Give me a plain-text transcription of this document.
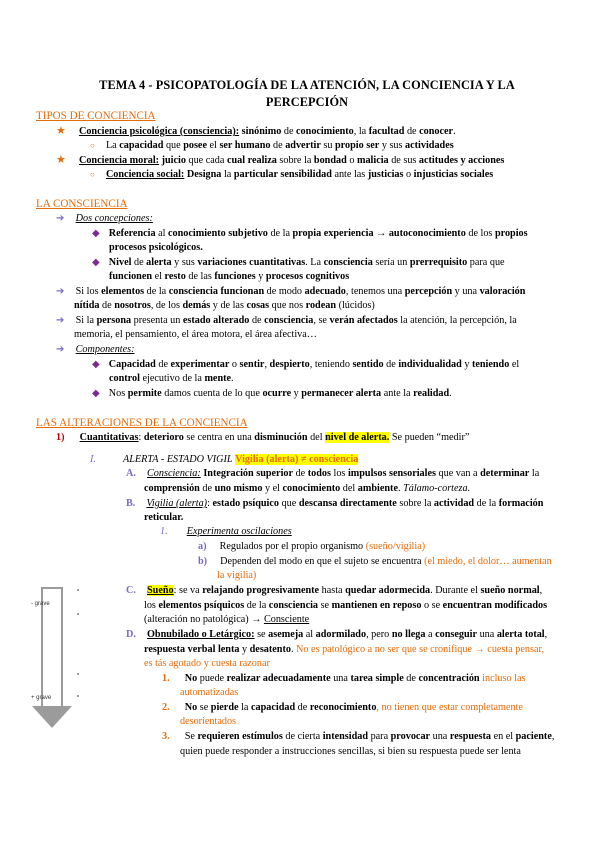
TEMA 4 - PSICOPATOLOGÍA DE LA ATENCIÓN, LA CONCIENCIA Y LA
PERCEPCIÓN
TIPOS DE CONCIENCIA
★ Conciencia psicológica (consciencia): sinónimo de conocimiento, la facultad de conocer.
○ La capacidad que posee el ser humano de advertir su propio ser y sus actividades
★ Conciencia moral: juicio que cada cual realiza sobre la bondad o malicia de sus actitudes y acciones
○ Conciencia social: Designa la particular sensibilidad ante las justicias o injusticias sociales
LA CONSCIENCIA
➔ Dos concepciones:
◆ Referencia al conocimiento subjetivo de la propia experiencia → autoconocimiento de los propios
procesos psicológicos.
◆ Nivel de alerta y sus variaciones cuantitativas. La consciencia sería un prerrequisito para que
funcionen el resto de las funciones y procesos cognitivos
➔ Si los elementos de la consciencia funcionan de modo adecuado, tenemos una percepción y una valoración
nítida de nosotros, de los demás y de las cosas que nos rodean (lúcidos)
➔ Si la persona presenta un estado alterado de consciencia, se verán afectados la atención, la percepción, la
memoria, el pensamiento, el área motora, el área afectiva…
➔ Componentes:
◆ Capacidad de experimentar o sentir, despierto, teniendo sentido de individualidad y teniendo el
control ejecutivo de la mente.
◆ Nos permite damos cuenta de lo que ocurre y permanecer alerta ante la realidad.
LAS ALTERACIONES DE LA CONCIENCIA
1) Cuantitativas: deterioro se centra en una disminución del nivel de alerta. Se pueden “medir”
I.	ALERTA - ESTADO VIGIL Vigilia (alerta) ≠ consciencia
A. Consciencia: Integración superior de todos los impulsos sensoriales que van a determinar la
comprensión de uno mismo y el conocimiento del ambiente. Tálamo-corteza.
B. Vigilia (alerta): estado psíquico que descansa directamente sobre la actividad de la formación
reticular.
1. Experimenta oscilaciones
a) Regulados por el propio organismo (sueño/vigilia)
b) Dependen del modo en que el sujeto se encuentra (el miedo, el dolor… aumentan
la vigilia)
C. Sueño: se va relajando progresivamente hasta quedar adormecida. Durante el sueño normal,
los elementos psíquicos de la consciencia se mantienen en reposo o se encuentran modificados
(alteración no patológica) → Consciente
D. Obnubilado o Letárgico: se asemeja al adormilado, pero no llega a conseguir una alerta total,
respuesta verbal lenta y desatento. No es patológico a no ser que se cronifique → cuesta pensar,
es tás agotado y cuesta razonar
1. No puede realizar adecuadamente una tarea simple de concentración incluso las
automatizadas
2. No se pierde la capacidad de reconocimiento, no tienen que estar completamente
desorientados
3. Se requieren estímulos de cierta intensidad para provocar una respuesta en el paciente,
quien puede responder a instrucciones sencillas, si bien su respuesta puede ser lenta
- grave
+ grave
